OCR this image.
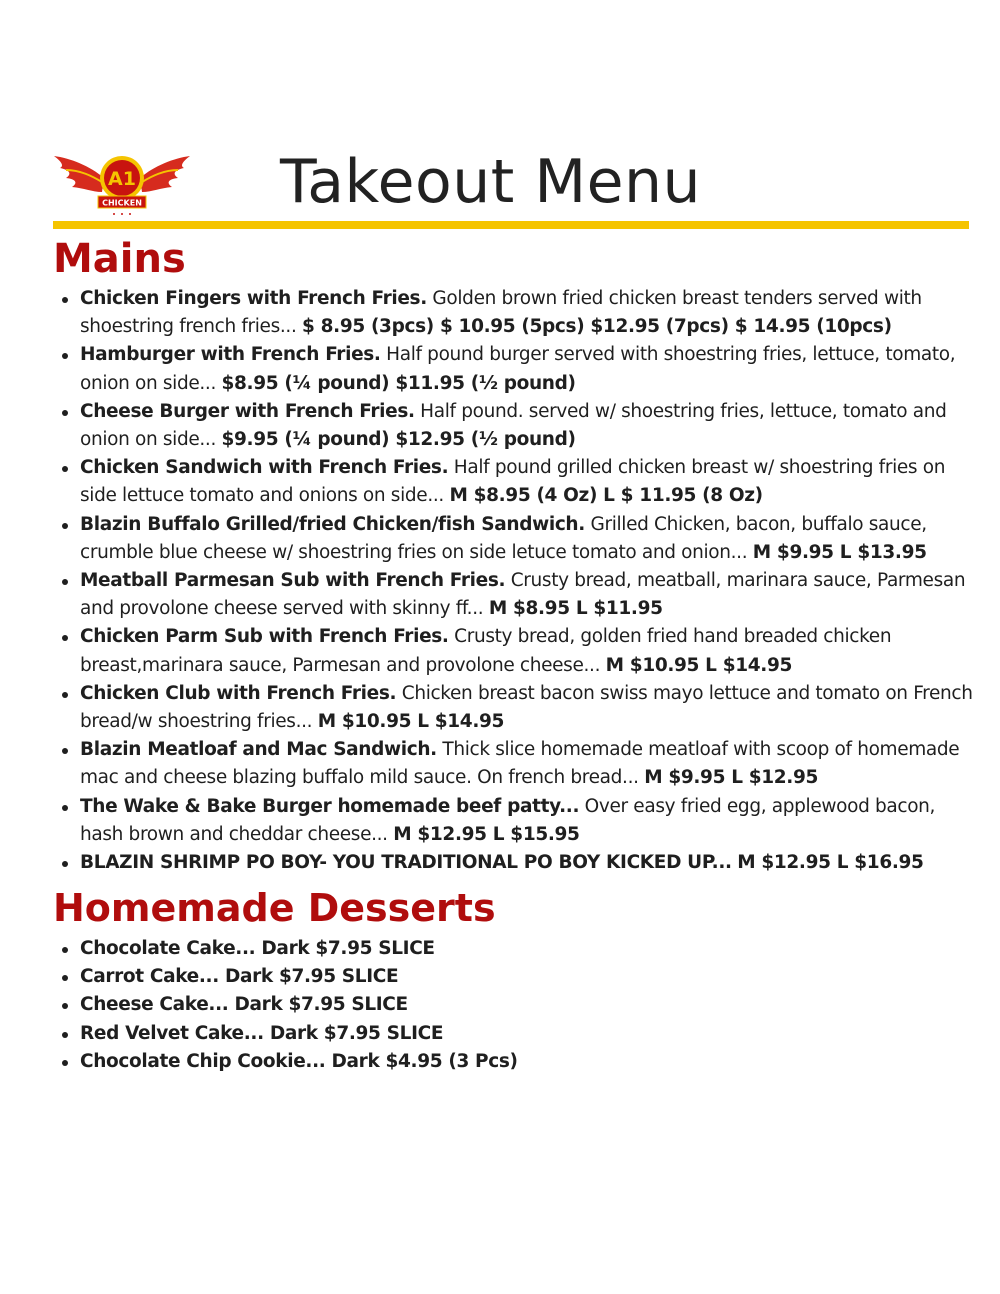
A1
CHICKEN Takeout Menu
Mains
Chicken Fingers with French Fries. Golden brown fried chicken breast tenders served with shoestring french fries... $ 8.95 (3pcs) $ 10.95 (5pcs) $12.95 (7pcs) $ 14.95 (10pcs)
Hamburger with French Fries. Half pound burger served with shoestring fries, lettuce, tomato, onion on side... $8.95 (¼ pound) $11.95 (½ pound)
Cheese Burger with French Fries. Half pound. served w/ shoestring fries, lettuce, tomato and onion on side... $9.95 (¼ pound) $12.95 (½ pound)
Chicken Sandwich with French Fries. Half pound grilled chicken breast w/ shoestring fries on side lettuce tomato and onions on side... M $8.95 (4 Oz) L $ 11.95 (8 Oz)
Blazin Buffalo Grilled/fried Chicken/fish Sandwich. Grilled Chicken, bacon, buffalo sauce, crumble blue cheese w/ shoestring fries on side letuce tomato and onion... M $9.95 L $13.95
Meatball Parmesan Sub with French Fries. Crusty bread, meatball, marinara sauce, Parmesan and provolone cheese served with skinny ff... M $8.95 L $11.95
Chicken Parm Sub with French Fries. Crusty bread, golden fried hand breaded chicken breast,marinara sauce, Parmesan and provolone cheese... M $10.95 L $14.95
Chicken Club with French Fries. Chicken breast bacon swiss mayo lettuce and tomato on French bread/w shoestring fries... M $10.95 L $14.95
Blazin Meatloaf and Mac Sandwich. Thick slice homemade meatloaf with scoop of homemade mac and cheese blazing buffalo mild sauce. On french bread... M $9.95 L $12.95
The Wake & Bake Burger homemade beef patty... Over easy fried egg, applewood bacon, hash brown and cheddar cheese... M $12.95 L $15.95
BLAZIN SHRIMP PO BOY- YOU TRADITIONAL PO BOY KICKED UP... M $12.95 L $16.95
Homemade Desserts
Chocolate Cake... Dark $7.95 SLICE
Carrot Cake... Dark $7.95 SLICE
Cheese Cake... Dark $7.95 SLICE
Red Velvet Cake... Dark $7.95 SLICE
Chocolate Chip Cookie... Dark $4.95 (3 Pcs)
